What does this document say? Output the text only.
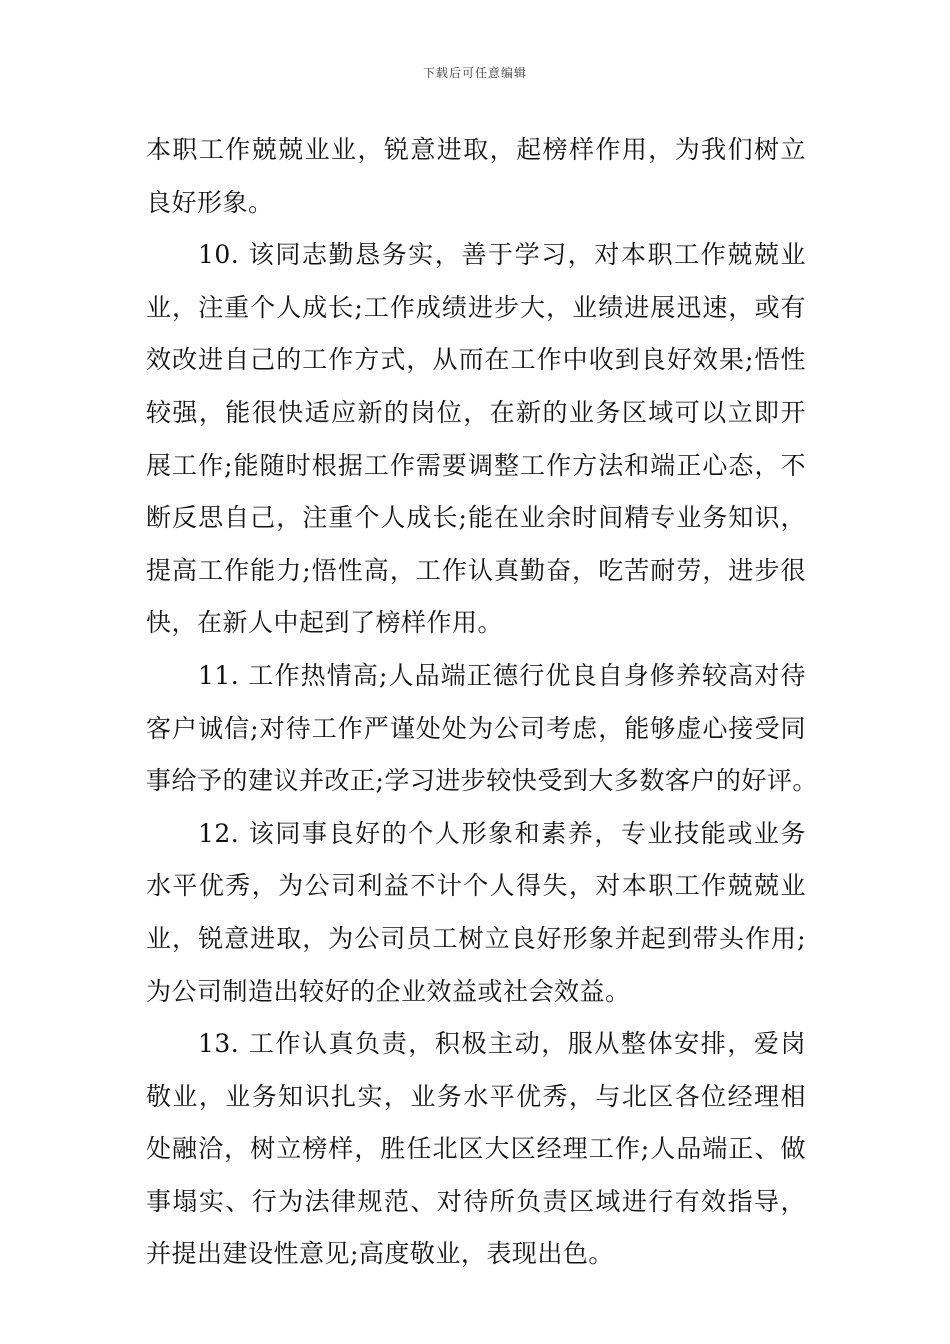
下载后可任意编辑
本职工作兢兢业业，锐意进取，起榜样作用，为我们树立
良好形象。
10. 该同志勤恳务实，善于学习，对本职工作兢兢业
业，注重个人成长;工作成绩进步大，业绩进展迅速，或有
效改进自己的工作方式，从而在工作中收到良好效果;悟性
较强，能很快适应新的岗位，在新的业务区域可以立即开
展工作;能随时根据工作需要调整工作方法和端正心态，不
断反思自己，注重个人成长;能在业余时间精专业务知识，
提高工作能力;悟性高，工作认真勤奋，吃苦耐劳，进步很
快，在新人中起到了榜样作用。
11. 工作热情高;人品端正德行优良自身修养较高对待
客户诚信;对待工作严谨处处为公司考虑，能够虚心接受同
事给予的建议并改正;学习进步较快受到大多数客户的好评。
12. 该同事良好的个人形象和素养，专业技能或业务
水平优秀，为公司利益不计个人得失，对本职工作兢兢业
业，锐意进取，为公司员工树立良好形象并起到带头作用;
为公司制造出较好的企业效益或社会效益。
13. 工作认真负责，积极主动，服从整体安排，爱岗
敬业，业务知识扎实，业务水平优秀，与北区各位经理相
处融洽，树立榜样，胜任北区大区经理工作;人品端正、做
事塌实、行为法律规范、对待所负责区域进行有效指导，
并提出建设性意见;高度敬业，表现出色。
